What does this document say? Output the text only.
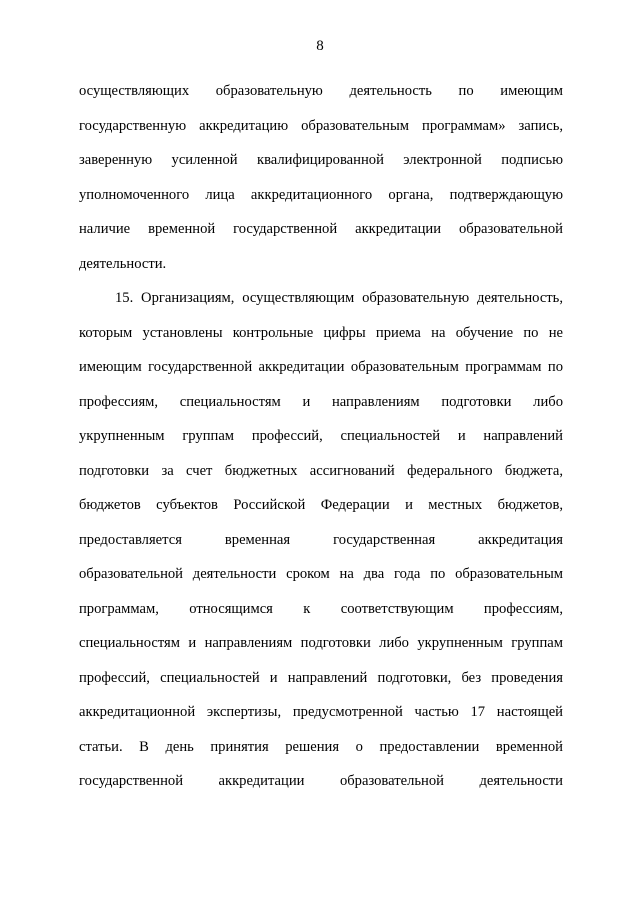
8
осуществляющих образовательную деятельность по имеющим
государственную аккредитацию образовательным программам» запись,
заверенную усиленной квалифицированной электронной подписью
уполномоченного лица аккредитационного органа, подтверждающую
наличие временной государственной аккредитации образовательной
деятельности.
15. Организациям, осуществляющим образовательную деятельность,
которым установлены контрольные цифры приема на обучение по не
имеющим государственной аккредитации образовательным программам по
профессиям, специальностям и направлениям подготовки либо
укрупненным группам профессий, специальностей и направлений
подготовки за счет бюджетных ассигнований федерального бюджета,
бюджетов субъектов Российской Федерации и местных бюджетов,
предоставляется временная государственная аккредитация
образовательной деятельности сроком на два года по образовательным
программам, относящимся к соответствующим профессиям,
специальностям и направлениям подготовки либо укрупненным группам
профессий, специальностей и направлений подготовки, без проведения
аккредитационной экспертизы, предусмотренной частью 17 настоящей
статьи. В день принятия решения о предоставлении временной
государственной аккредитации образовательной деятельности
